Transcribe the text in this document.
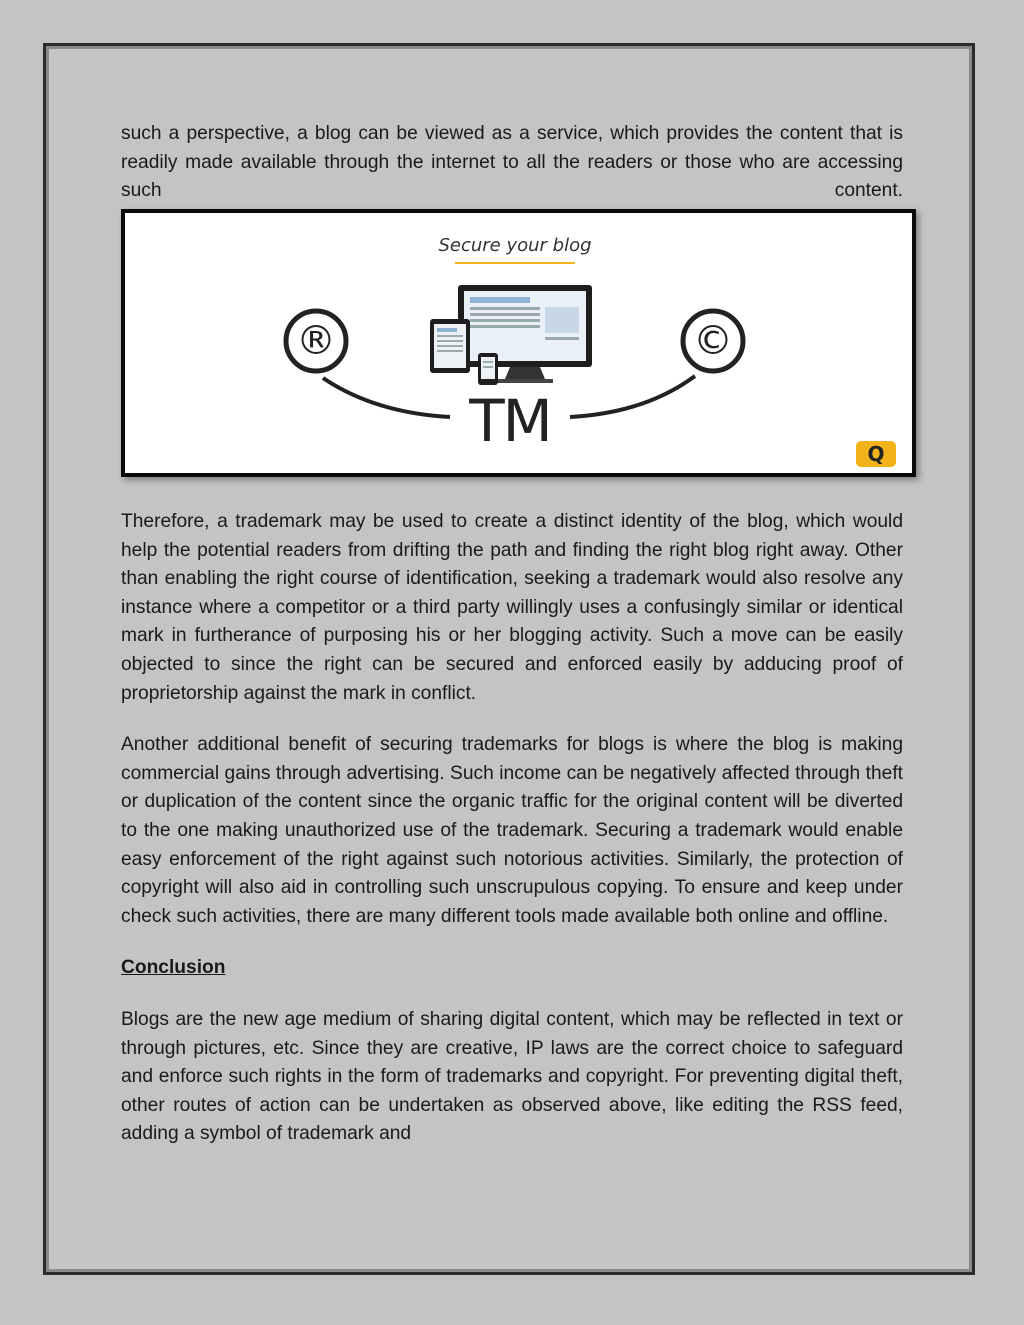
such a perspective, a blog can be viewed as a service, which provides the content that is readily made available through the internet to all the readers or those who are accessing such content.

Secure your blog
®	©
TM	Q

Therefore, a trademark may be used to create a distinct identity of the blog, which would help the potential readers from drifting the path and finding the right blog right away. Other than enabling the right course of identification, seeking a trademark would also resolve any instance where a competitor or a third party willingly uses a confusingly similar or identical mark in furtherance of purposing his or her blogging activity. Such a move can be easily objected to since the right can be secured and enforced easily by adducing proof of proprietorship against the mark in conflict.

Another additional benefit of securing trademarks for blogs is where the blog is making commercial gains through advertising. Such income can be negatively affected through theft or duplication of the content since the organic traffic for the original content will be diverted to the one making unauthorized use of the trademark. Securing a trademark would enable easy enforcement of the right against such notorious activities. Similarly, the protection of copyright will also aid in controlling such unscrupulous copying. To ensure and keep under check such activities, there are many different tools made available both online and offline.

Conclusion

Blogs are the new age medium of sharing digital content, which may be reflected in text or through pictures, etc. Since they are creative, IP laws are the correct choice to safeguard and enforce such rights in the form of trademarks and copyright. For preventing digital theft, other routes of action can be undertaken as observed above, like editing the RSS feed, adding a symbol of trademark and
